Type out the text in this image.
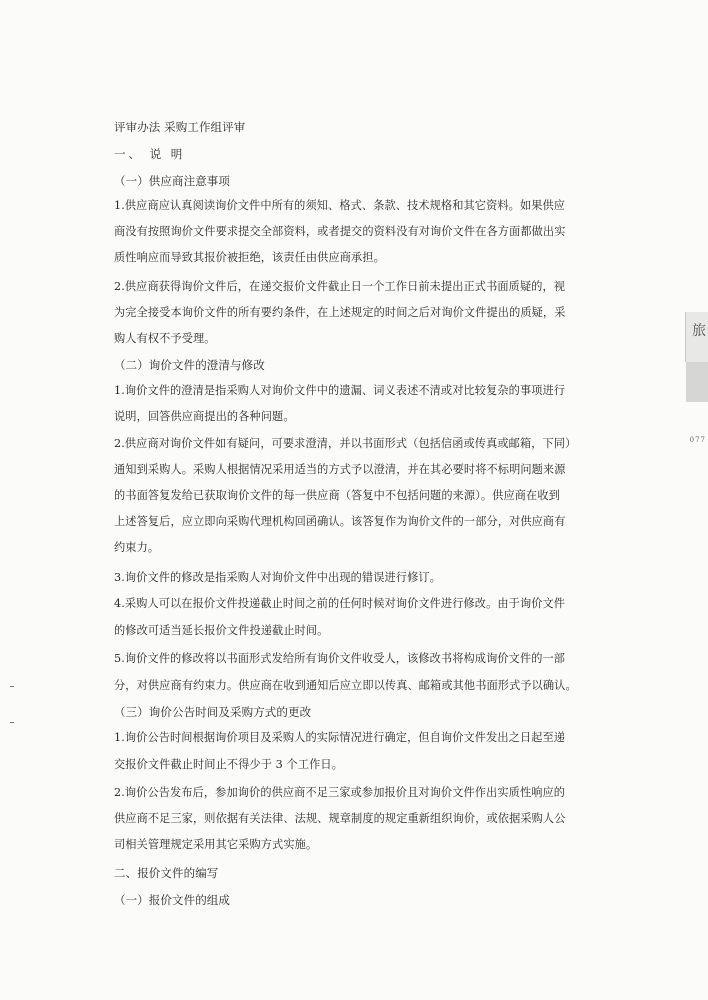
评审办法 采购工作组评审
一、 说 明
（一）供应商注意事项
1.供应商应认真阅读询价文件中所有的须知、格式、条款、技术规格和其它资料。如果供应
商没有按照询价文件要求提交全部资料，或者提交的资料没有对询价文件在各方面都做出实
质性响应而导致其报价被拒绝，该责任由供应商承担。
2.供应商获得询价文件后，在递交报价文件截止日一个工作日前未提出正式书面质疑的，视
为完全接受本询价文件的所有要约条件，在上述规定的时间之后对询价文件提出的质疑，采
购人有权不予受理。
（二）询价文件的澄清与修改
1.询价文件的澄清是指采购人对询价文件中的遗漏、词义表述不清或对比较复杂的事项进行
说明，回答供应商提出的各种问题。
2.供应商对询价文件如有疑问，可要求澄清，并以书面形式（包括信函或传真或邮箱，下同）
通知到采购人。采购人根据情况采用适当的方式予以澄清，并在其必要时将不标明问题来源
的书面答复发给已获取询价文件的每一供应商（答复中不包括问题的来源）。供应商在收到
上述答复后，应立即向采购代理机构回函确认。该答复作为询价文件的一部分，对供应商有
约束力。
3.询价文件的修改是指采购人对询价文件中出现的错误进行修订。
4.采购人可以在报价文件投递截止时间之前的任何时候对询价文件进行修改。由于询价文件
的修改可适当延长报价文件投递截止时间。
5.询价文件的修改将以书面形式发给所有询价文件收受人，该修改书将构成询价文件的一部
分，对供应商有约束力。供应商在收到通知后应立即以传真、邮箱或其他书面形式予以确认。
（三）询价公告时间及采购方式的更改
1.询价公告时间根据询价项目及采购人的实际情况进行确定，但自询价文件发出之日起至递
交报价文件截止时间止不得少于 3 个工作日。
2.询价公告发布后，参加询价的供应商不足三家或参加报价且对询价文件作出实质性响应的
供应商不足三家，则依据有关法律、法规、规章制度的规定重新组织询价，或依据采购人公
司相关管理规定采用其它采购方式实施。
二、报价文件的编写
（一）报价文件的组成
旅
077
